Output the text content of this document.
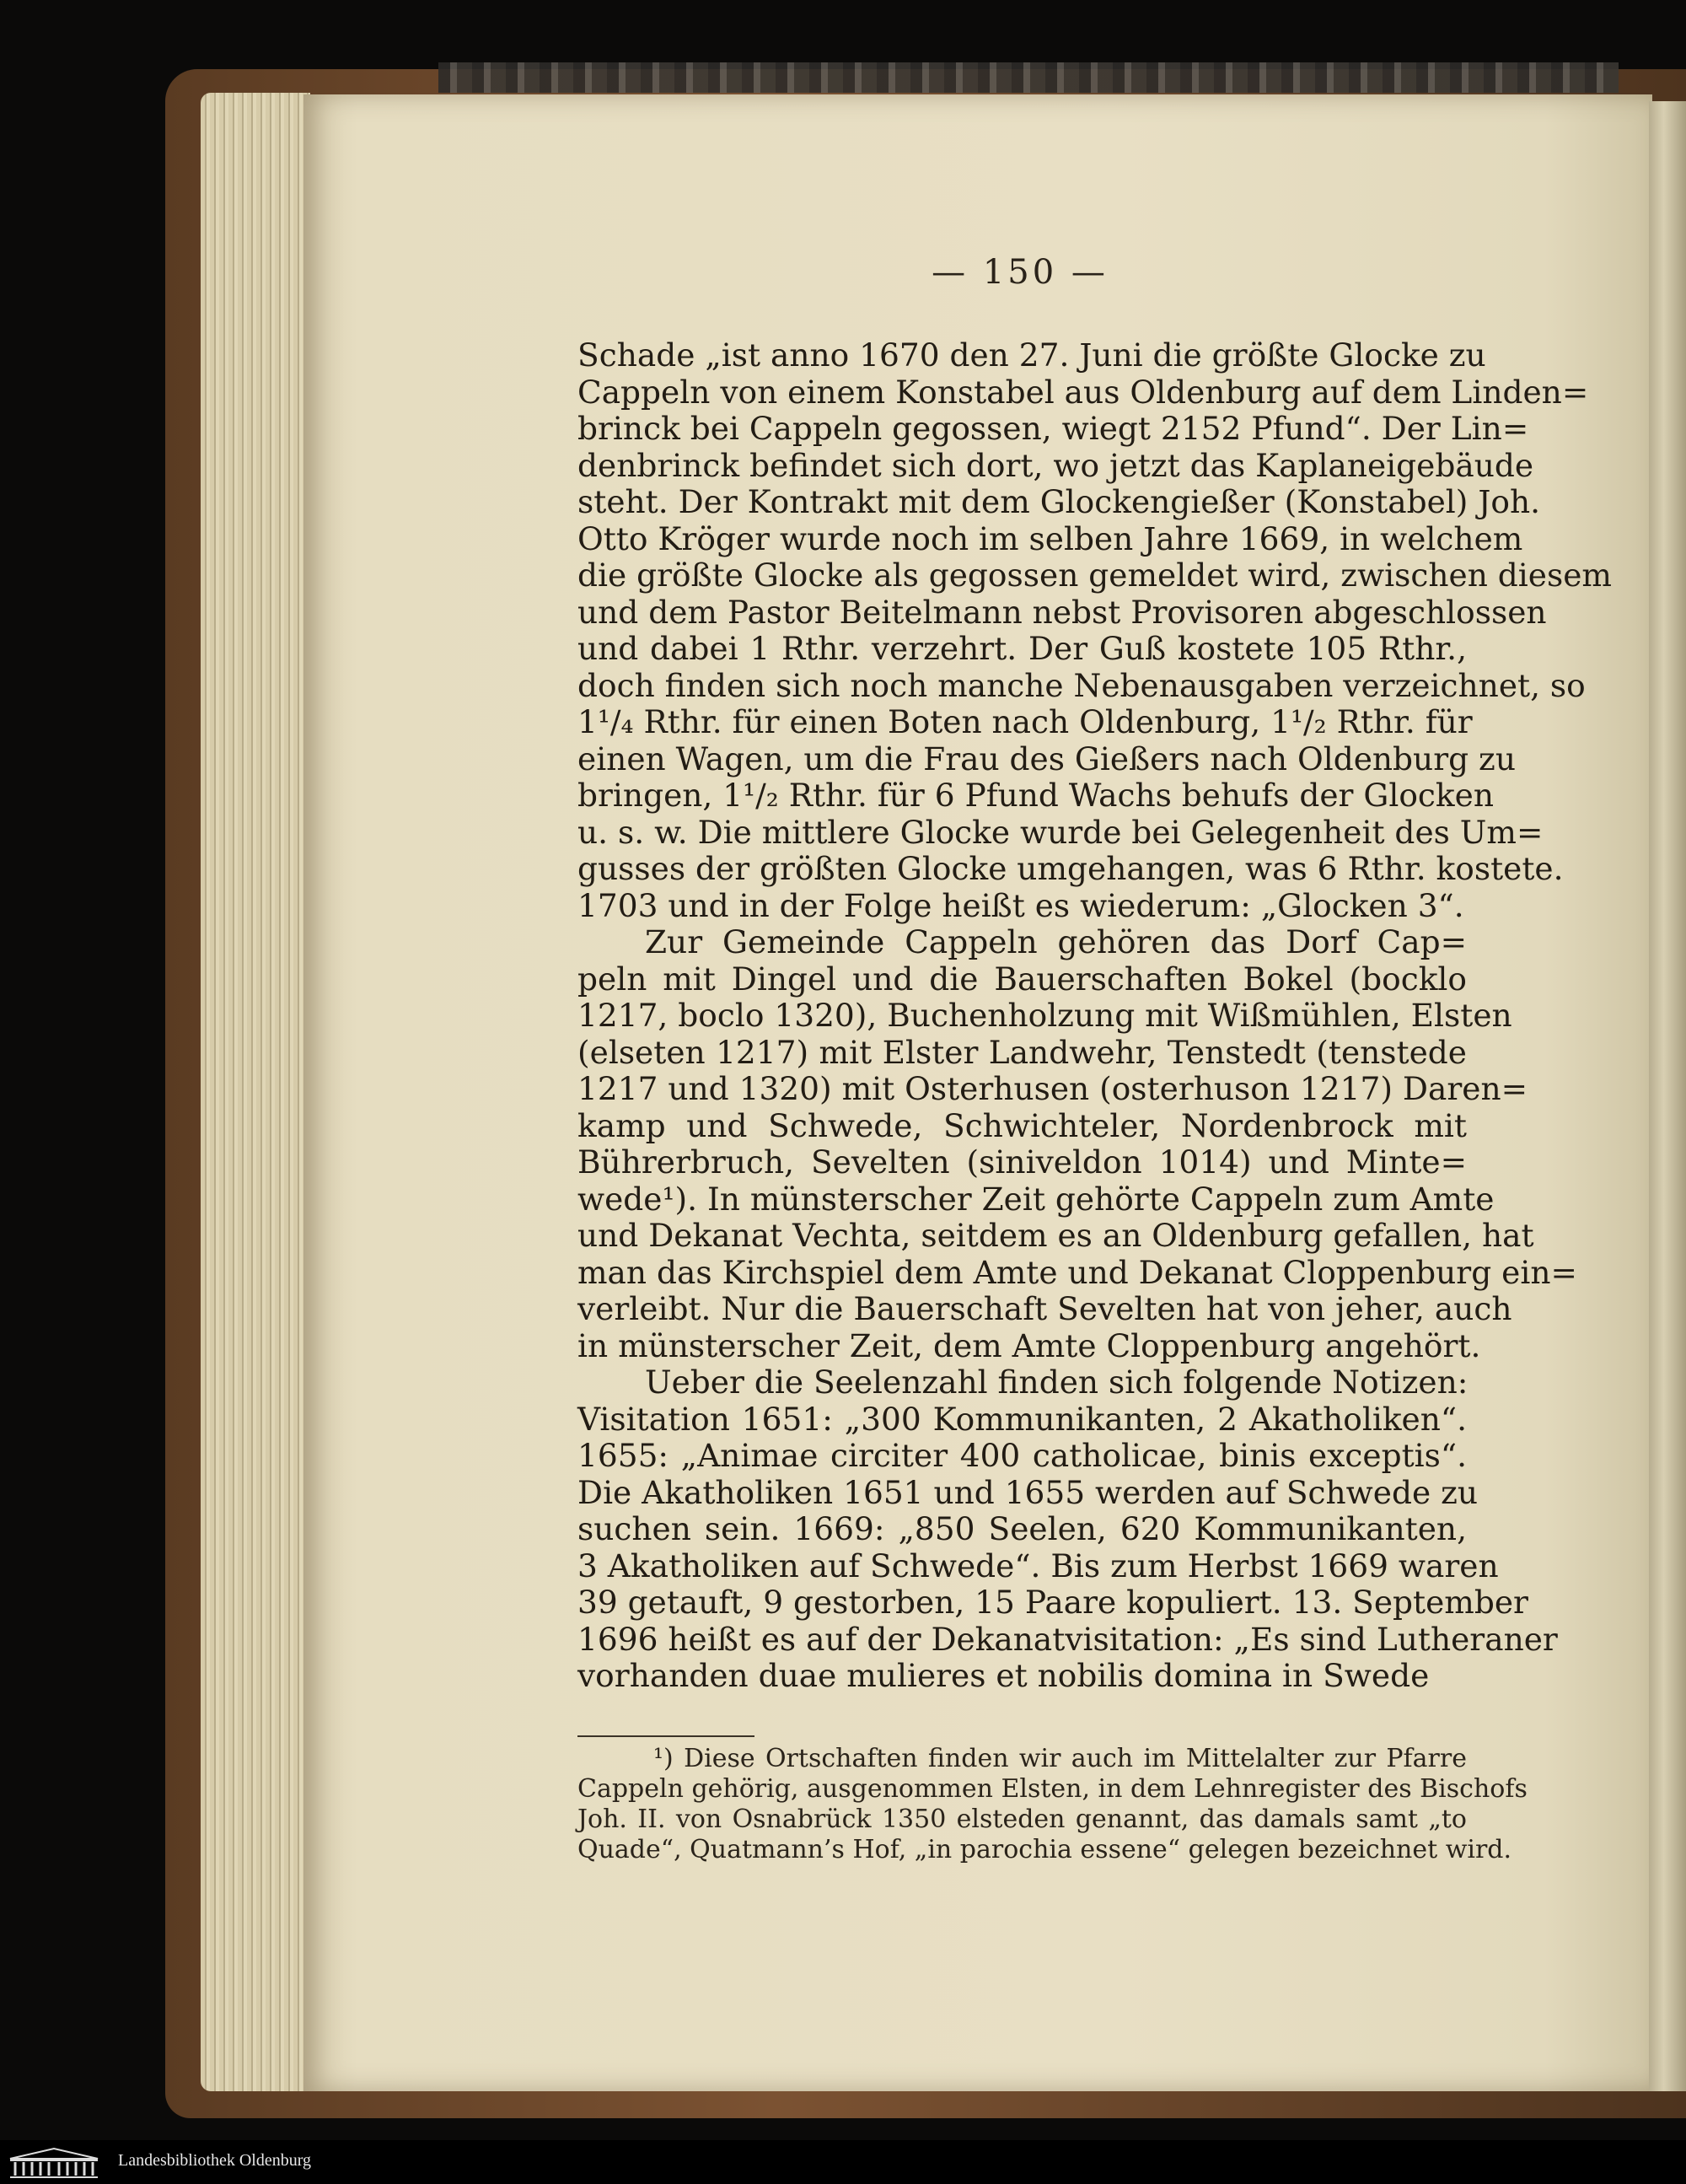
— 150 —
Schade „ist anno 1670 den 27. Juni die größte Glocke zu
Cappeln von einem Konstabel aus Oldenburg auf dem Linden=
brinck bei Cappeln gegossen, wiegt 2152 Pfund“. Der Lin=
denbrinck befindet sich dort, wo jetzt das Kaplaneigebäude
steht. Der Kontrakt mit dem Glockengießer (Konstabel) Joh.
Otto Kröger wurde noch im selben Jahre 1669, in welchem
die größte Glocke als gegossen gemeldet wird, zwischen diesem
und dem Pastor Beitelmann nebst Provisoren abgeschlossen
und dabei 1 Rthr. verzehrt. Der Guß kostete 105 Rthr.,
doch finden sich noch manche Nebenausgaben verzeichnet, so
1¹/₄ Rthr. für einen Boten nach Oldenburg, 1¹/₂ Rthr. für
einen Wagen, um die Frau des Gießers nach Oldenburg zu
bringen, 1¹/₂ Rthr. für 6 Pfund Wachs behufs der Glocken
u. s. w. Die mittlere Glocke wurde bei Gelegenheit des Um=
gusses der größten Glocke umgehangen, was 6 Rthr. kostete.
1703 und in der Folge heißt es wiederum: „Glocken 3“.
Zur Gemeinde Cappeln gehören das Dorf Cap=
peln mit Dingel und die Bauerschaften Bokel (bocklo
1217, boclo 1320), Buchenholzung mit Wißmühlen, Elsten
(elseten 1217) mit Elster Landwehr, Tenstedt (tenstede
1217 und 1320) mit Osterhusen (osterhuson 1217) Daren=
kamp und Schwede, Schwichteler, Nordenbrock mit
Bührerbruch, Sevelten (siniveldon 1014) und Minte=
wede¹). In münsterscher Zeit gehörte Cappeln zum Amte
und Dekanat Vechta, seitdem es an Oldenburg gefallen, hat
man das Kirchspiel dem Amte und Dekanat Cloppenburg ein=
verleibt. Nur die Bauerschaft Sevelten hat von jeher, auch
in münsterscher Zeit, dem Amte Cloppenburg angehört.
Ueber die Seelenzahl finden sich folgende Notizen:
Visitation 1651: „300 Kommunikanten, 2 Akatholiken“.
1655: „Animae circiter 400 catholicae, binis exceptis“.
Die Akatholiken 1651 und 1655 werden auf Schwede zu
suchen sein. 1669: „850 Seelen, 620 Kommunikanten,
3 Akatholiken auf Schwede“. Bis zum Herbst 1669 waren
39 getauft, 9 gestorben, 15 Paare kopuliert. 13. September
1696 heißt es auf der Dekanatvisitation: „Es sind Lutheraner
vorhanden duae mulieres et nobilis domina in Swede
¹) Diese Ortschaften finden wir auch im Mittelalter zur Pfarre
Cappeln gehörig, ausgenommen Elsten, in dem Lehnregister des Bischofs
Joh. II. von Osnabrück 1350 elsteden genannt, das damals samt „to
Quade“, Quatmann’s Hof, „in parochia essene“ gelegen bezeichnet wird.
Landesbibliothek Oldenburg
